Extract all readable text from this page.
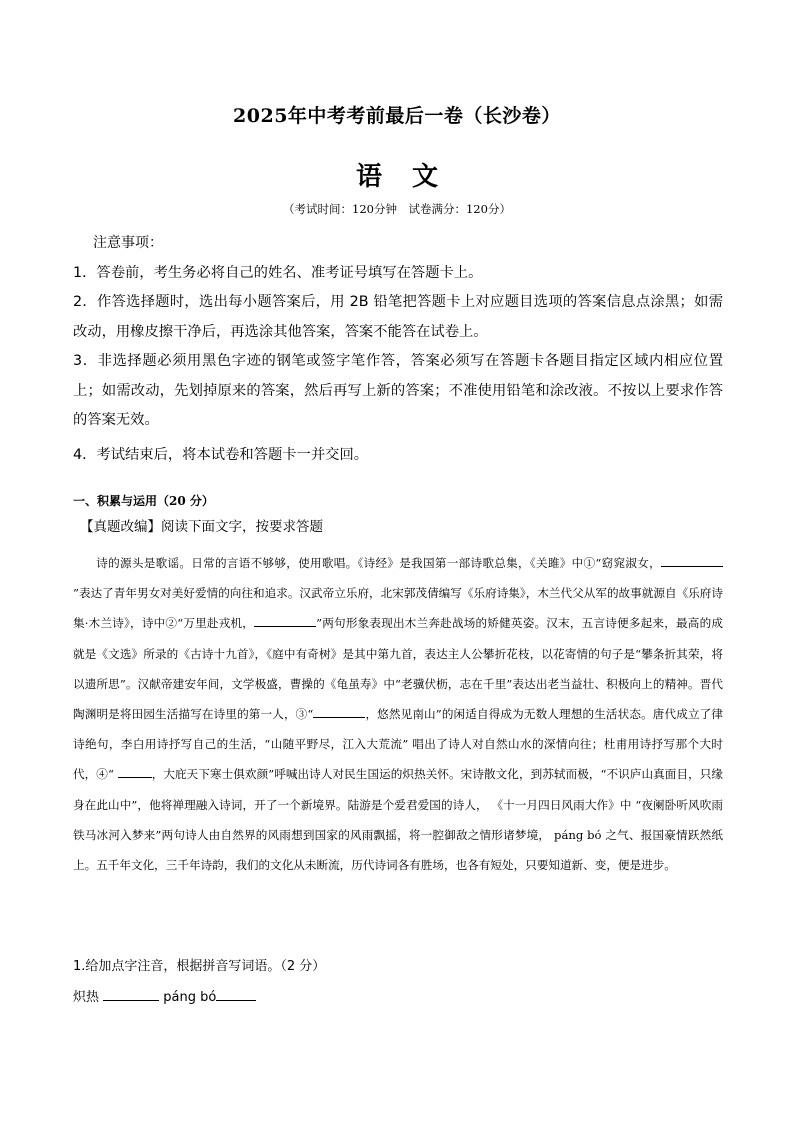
2025年中考考前最后一卷（长沙卷）
语文
（考试时间：120分钟　试卷满分：120分）
注意事项：

1．答卷前，考生务必将自己的姓名、准考证号填写在答题卡上。

2．作答选择题时，选出每小题答案后，用 2B 铅笔把答题卡上对应题目选项的答案信息点涂黑；如需改动，用橡皮擦干净后，再选涂其他答案，答案不能答在试卷上。

3．非选择题必须用黑色字迹的钢笔或签字笔作答，答案必须写在答题卡各题目指定区域内相应位置上；如需改动，先划掉原来的答案，然后再写上新的答案；不准使用铅笔和涂改液。不按以上要求作答的答案无效。

4．考试结束后，将本试卷和答题卡一并交回。

一、积累与运用（20 分）
【真题改编】阅读下面文字，按要求答题

诗的源头是歌谣。日常的言语不够够，使用歌唱。《诗经》是我国第一部诗歌总集，《关雎》中①“窈窕淑女，”表达了青年男女对美好爱情的向往和追求。汉武帝立乐府，北宋郭茂倩编写《乐府诗集》，木兰代父从军的故事就源自《乐府诗集·木兰诗》，诗中②“万里赴戎机，	”两句形象表现出木兰奔赴战场的矫健英姿。汉末，五言诗便多起来，最高的成就是《文选》所录的《古诗十九首》，《庭中有奇树》是其中第九首，表达主人公攀折花枝，以花寄情的句子是“攀条折其荣，将以遗所思”。汉献帝建安年间，文学极盛，曹操的《龟虽寿》中“老骥伏枥，志在千里”表达出老当益壮、积极向上的精神。晋代陶渊明是将田园生活描写在诗里的第一人，③“	，悠然见南山”的闲适自得成为无数人理想的生活状态。唐代成立了律诗绝句，李白用诗抒写自己的生活，“山随平野尽，江入大荒流” 唱出了诗人对自然山水的深情向往；杜甫用诗抒写那个大时代，④“	，大庇天下寒士俱欢颜”呼喊出诗人对民生国运的炽热关怀。宋诗散文化，到苏轼而极，“不识庐山真面目，只缘身在此山中”，他将禅理融入诗词，开了一个新境界。陆游是个爱君爱国的诗人， 《十一月四日风雨大作》中 “夜阑卧听风吹雨 铁马冰河入梦来”两句诗人由自然界的风雨想到国家的风雨飘摇，将一腔御敌之情形诸梦境， páng bó 之气、报国豪情跃然纸上。五千年文化，三千年诗韵，我们的文化从未断流，历代诗词各有胜场，也各有短处，只要知道新、变，便是进步。

1.给加点字注音，根据拼音写词语。（2 分）
炽热	páng bó
